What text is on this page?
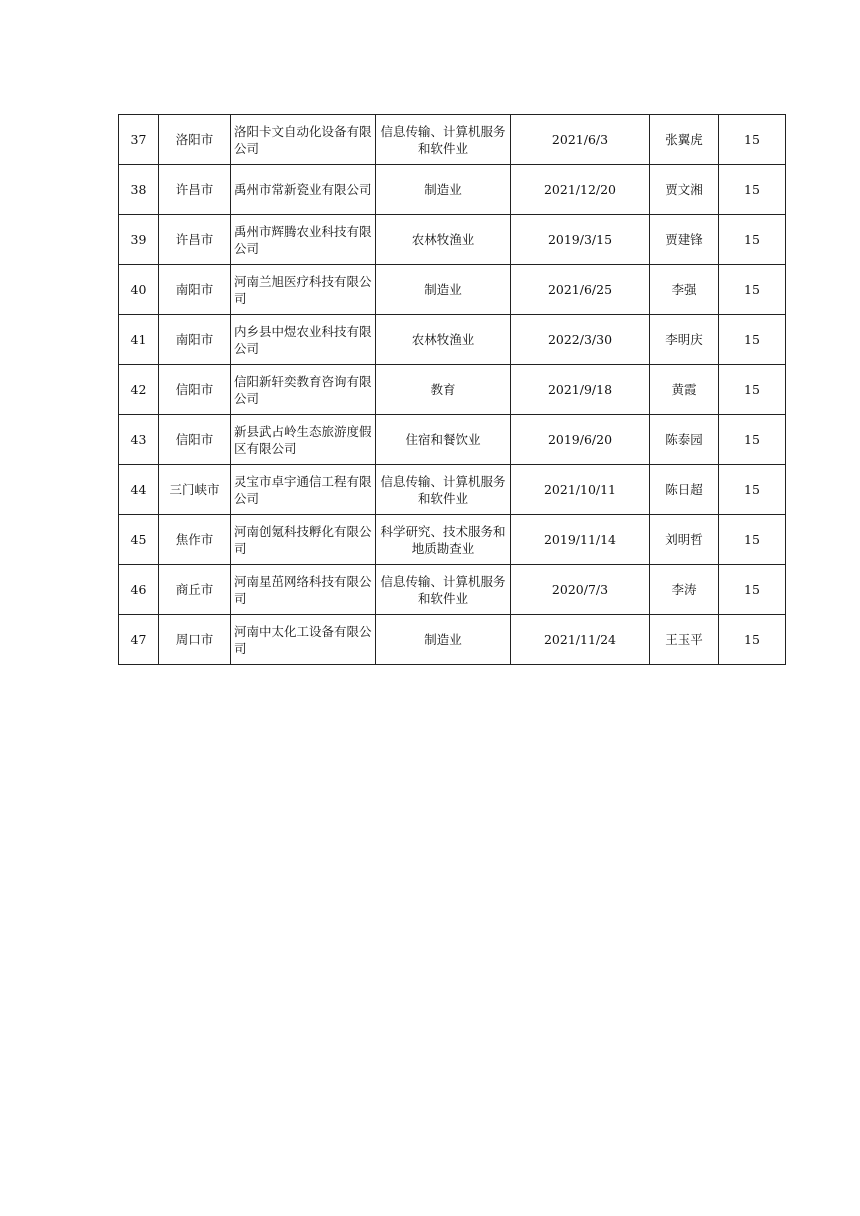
37	洛阳市	洛阳卡文自动化设备有限公司	信息传输、计算机服务和软件业	2021/6/3	张翼虎	15
38	许昌市	禹州市常新瓷业有限公司	制造业	2021/12/20	贾文湘	15
39	许昌市	禹州市辉腾农业科技有限公司	农林牧渔业	2019/3/15	贾建锋	15
40	南阳市	河南兰旭医疗科技有限公司	制造业	2021/6/25	李强	15
41	南阳市	内乡县中煜农业科技有限公司	农林牧渔业	2022/3/30	李明庆	15
42	信阳市	信阳新轩奕教育咨询有限公司	教育	2021/9/18	黄霞	15
43	信阳市	新县武占岭生态旅游度假区有限公司	住宿和餐饮业	2019/6/20	陈泰园	15
44	三门峡市	灵宝市卓宇通信工程有限公司	信息传输、计算机服务和软件业	2021/10/11	陈日超	15
45	焦作市	河南创氪科技孵化有限公司	科学研究、技术服务和地质勘查业	2019/11/14	刘明哲	15
46	商丘市	河南星茁网络科技有限公司	信息传输、计算机服务和软件业	2020/7/3	李涛	15
47	周口市	河南中太化工设备有限公司	制造业	2021/11/24	王玉平	15
